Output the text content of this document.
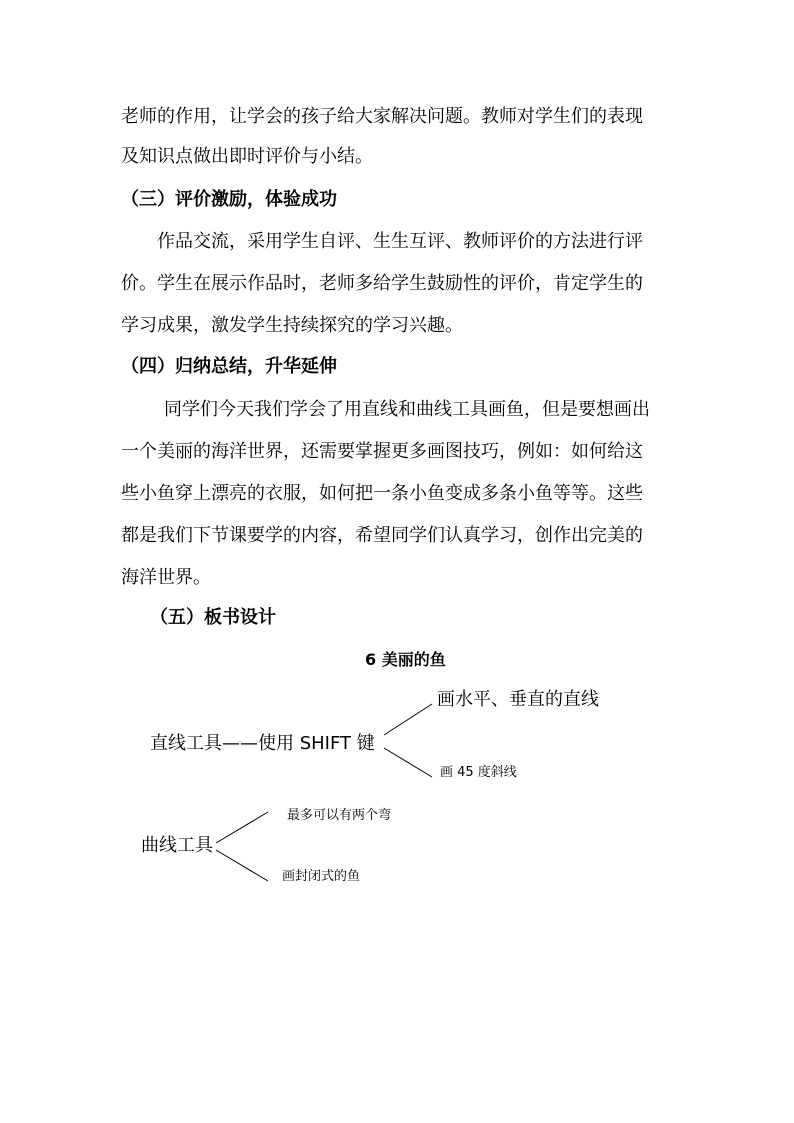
老师的作用，让学会的孩子给大家解决问题。教师对学生们的表现
及知识点做出即时评价与小结。
（三）评价激励，体验成功
作品交流，采用学生自评、生生互评、教师评价的方法进行评
价。学生在展示作品时，老师多给学生鼓励性的评价，肯定学生的
学习成果，激发学生持续探究的学习兴趣。
（四）归纳总结，升华延伸
同学们今天我们学会了用直线和曲线工具画鱼，但是要想画出
一个美丽的海洋世界，还需要掌握更多画图技巧，例如：如何给这
些小鱼穿上漂亮的衣服，如何把一条小鱼变成多条小鱼等等。这些
都是我们下节课要学的内容，希望同学们认真学习，创作出完美的
海洋世界。
（五）板书设计
6 美丽的鱼
直线工具——使用 SHIFT 键
画水平、垂直的直线
画 45 度斜线
曲线工具
最多可以有两个弯
画封闭式的鱼
